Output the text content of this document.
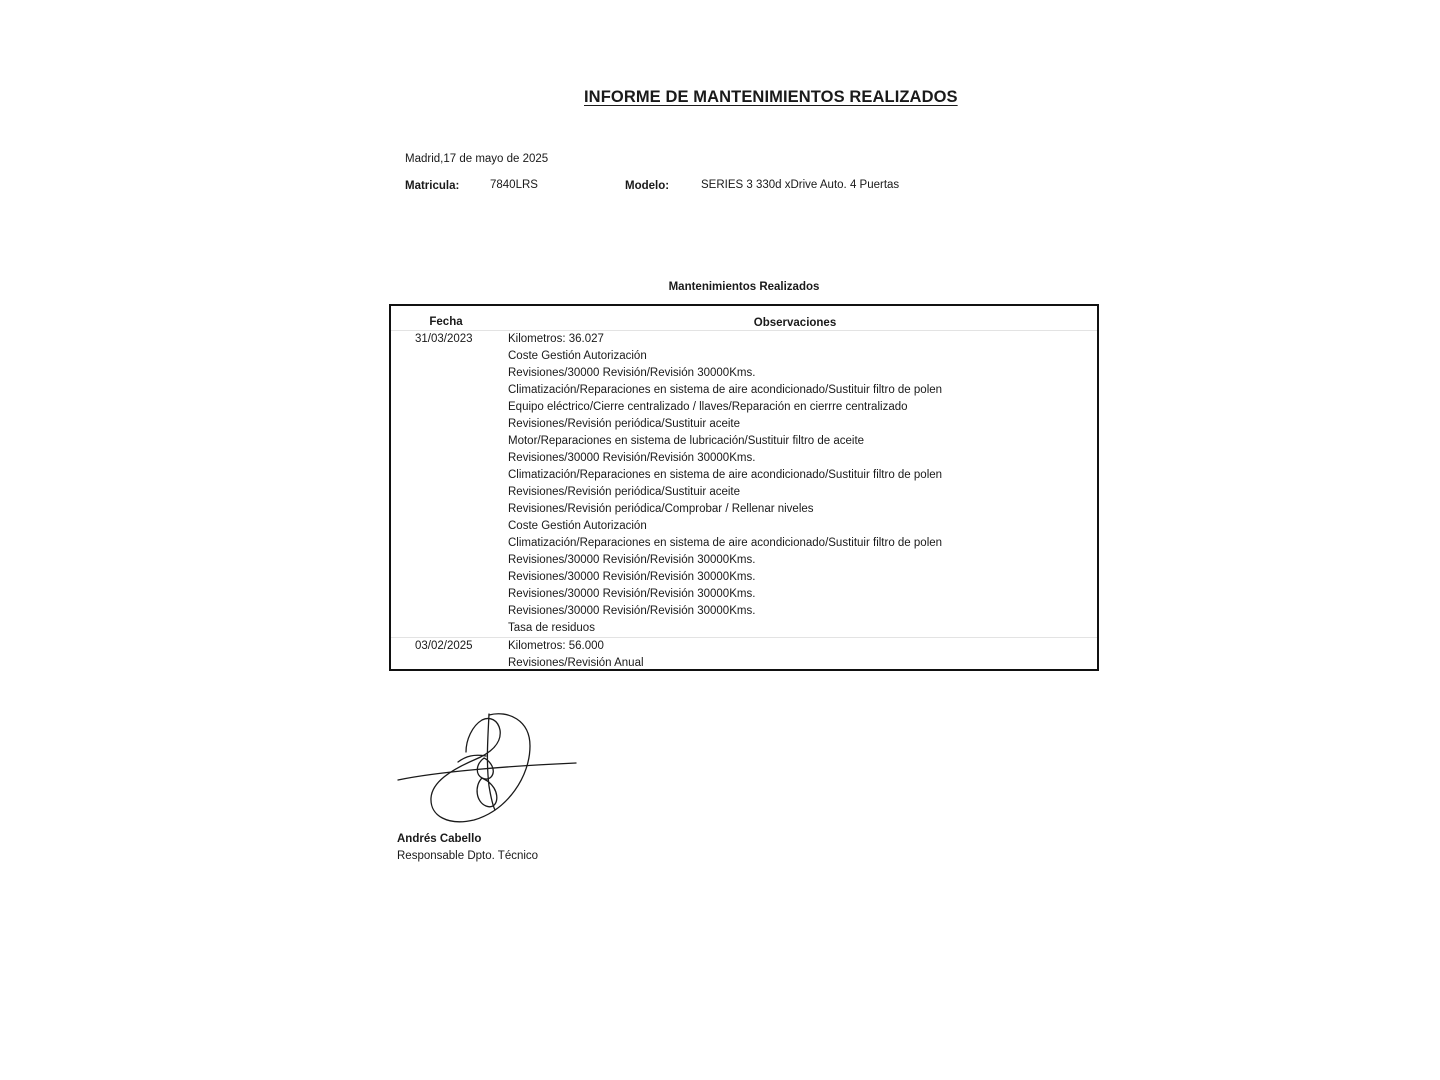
INFORME DE MANTENIMIENTOS REALIZADOS
Madrid,17 de mayo de 2025
Matricula:	7840LRS	Modelo:	SERIES 3 330d xDrive Auto. 4 Puertas
Mantenimientos Realizados
Fecha	Observaciones
31/03/2023	Kilometros: 36.027
Coste Gestión Autorización
Revisiones/30000 Revisión/Revisión 30000Kms.
Climatización/Reparaciones en sistema de aire acondicionado/Sustituir filtro de polen
Equipo eléctrico/Cierre centralizado / llaves/Reparación en cierrre centralizado
Revisiones/Revisión periódica/Sustituir aceite
Motor/Reparaciones en sistema de lubricación/Sustituir filtro de aceite
Revisiones/30000 Revisión/Revisión 30000Kms.
Climatización/Reparaciones en sistema de aire acondicionado/Sustituir filtro de polen
Revisiones/Revisión periódica/Sustituir aceite
Revisiones/Revisión periódica/Comprobar / Rellenar niveles
Coste Gestión Autorización
Climatización/Reparaciones en sistema de aire acondicionado/Sustituir filtro de polen
Revisiones/30000 Revisión/Revisión 30000Kms.
Revisiones/30000 Revisión/Revisión 30000Kms.
Revisiones/30000 Revisión/Revisión 30000Kms.
Revisiones/30000 Revisión/Revisión 30000Kms.
Tasa de residuos
03/02/2025	Kilometros: 56.000
Revisiones/Revisión Anual
Andrés Cabello
Responsable Dpto. Técnico
